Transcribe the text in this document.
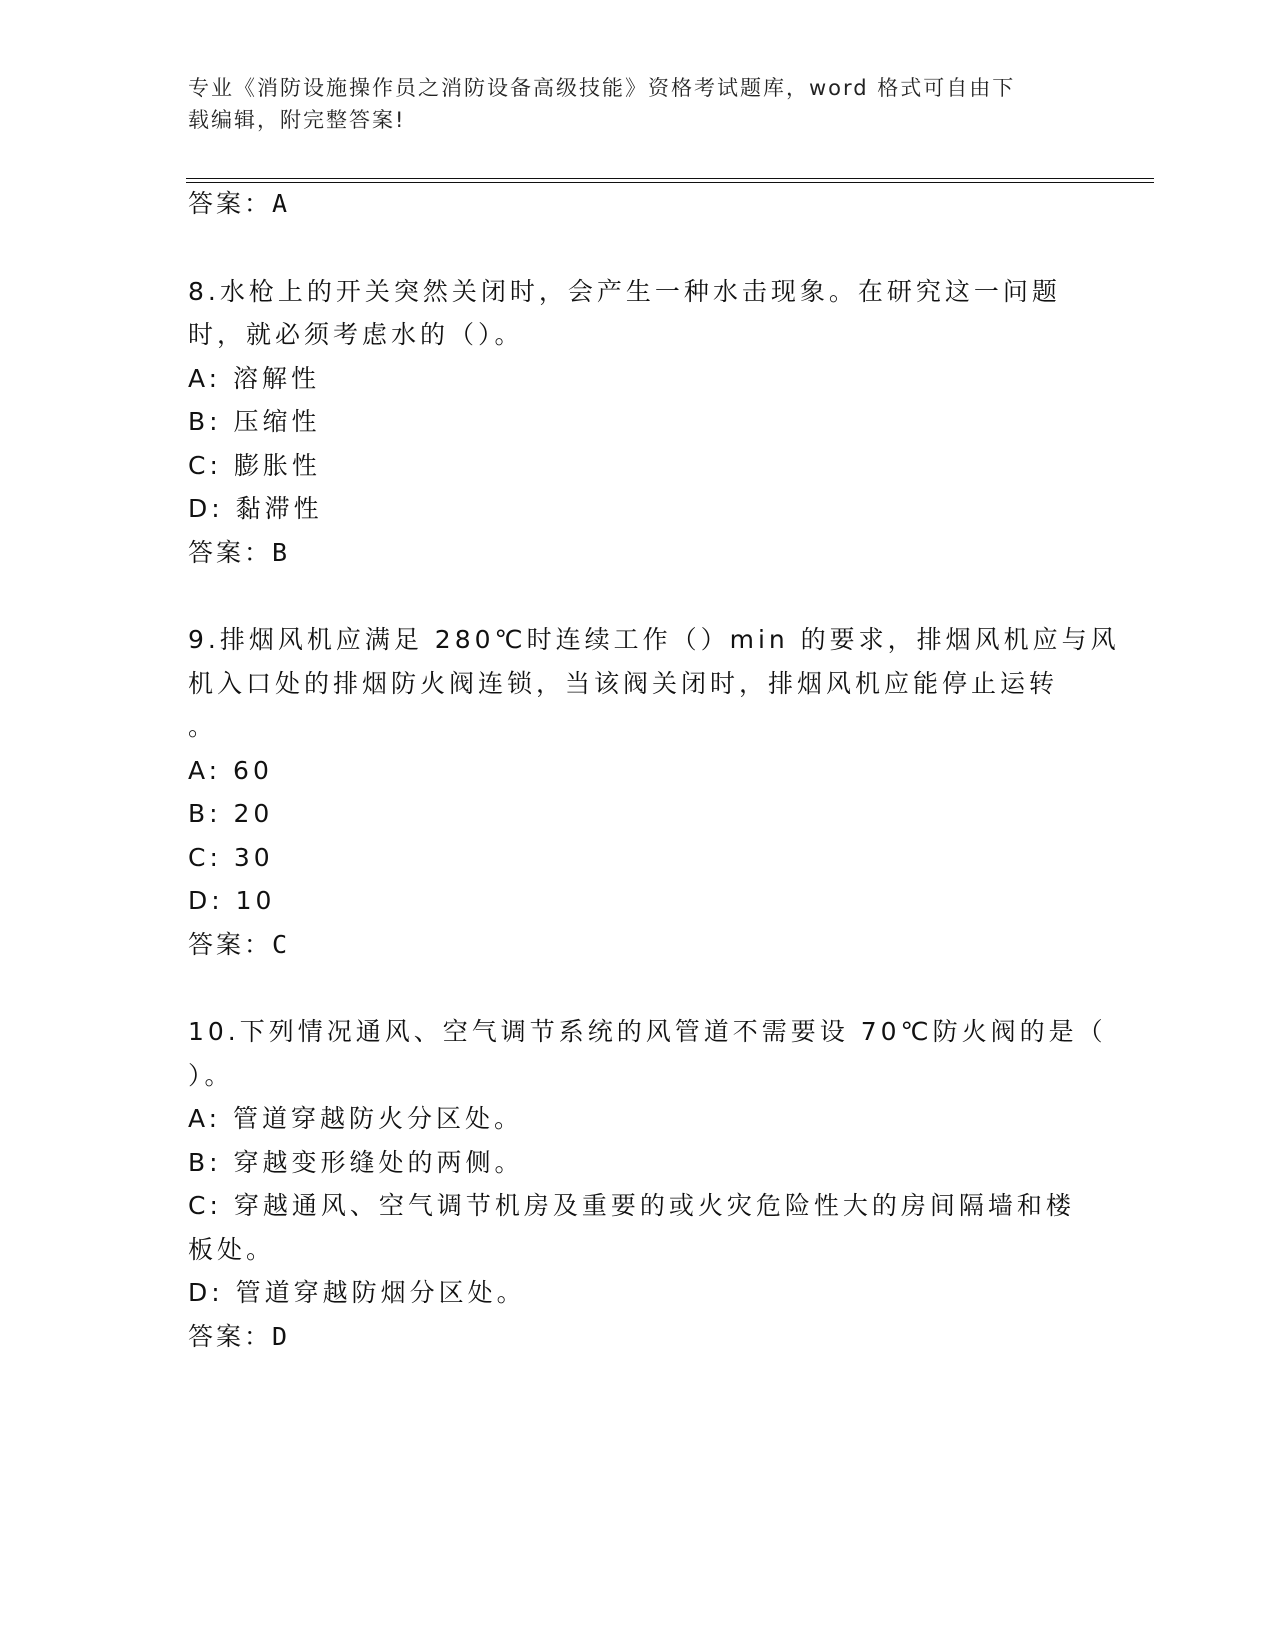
专业《消防设施操作员之消防设备高级技能》资格考试题库，word 格式可自由下
载编辑，附完整答案!
答案：A
8.水枪上的开关突然关闭时，会产生一种水击现象。在研究这一问题
时，就必须考虑水的（）。
A: 溶解性
B: 压缩性
C: 膨胀性
D: 黏滞性
答案：B
9.排烟风机应满足 280℃时连续工作（）min 的要求，排烟风机应与风
机入口处的排烟防火阀连锁，当该阀关闭时，排烟风机应能停止运转
。
A: 60
B: 20
C: 30
D: 10
答案：C
10.下列情况通风、空气调节系统的风管道不需要设 70℃防火阀的是（
）。
A: 管道穿越防火分区处。
B: 穿越变形缝处的两侧。
C: 穿越通风、空气调节机房及重要的或火灾危险性大的房间隔墙和楼
板处。
D: 管道穿越防烟分区处。
答案：D
